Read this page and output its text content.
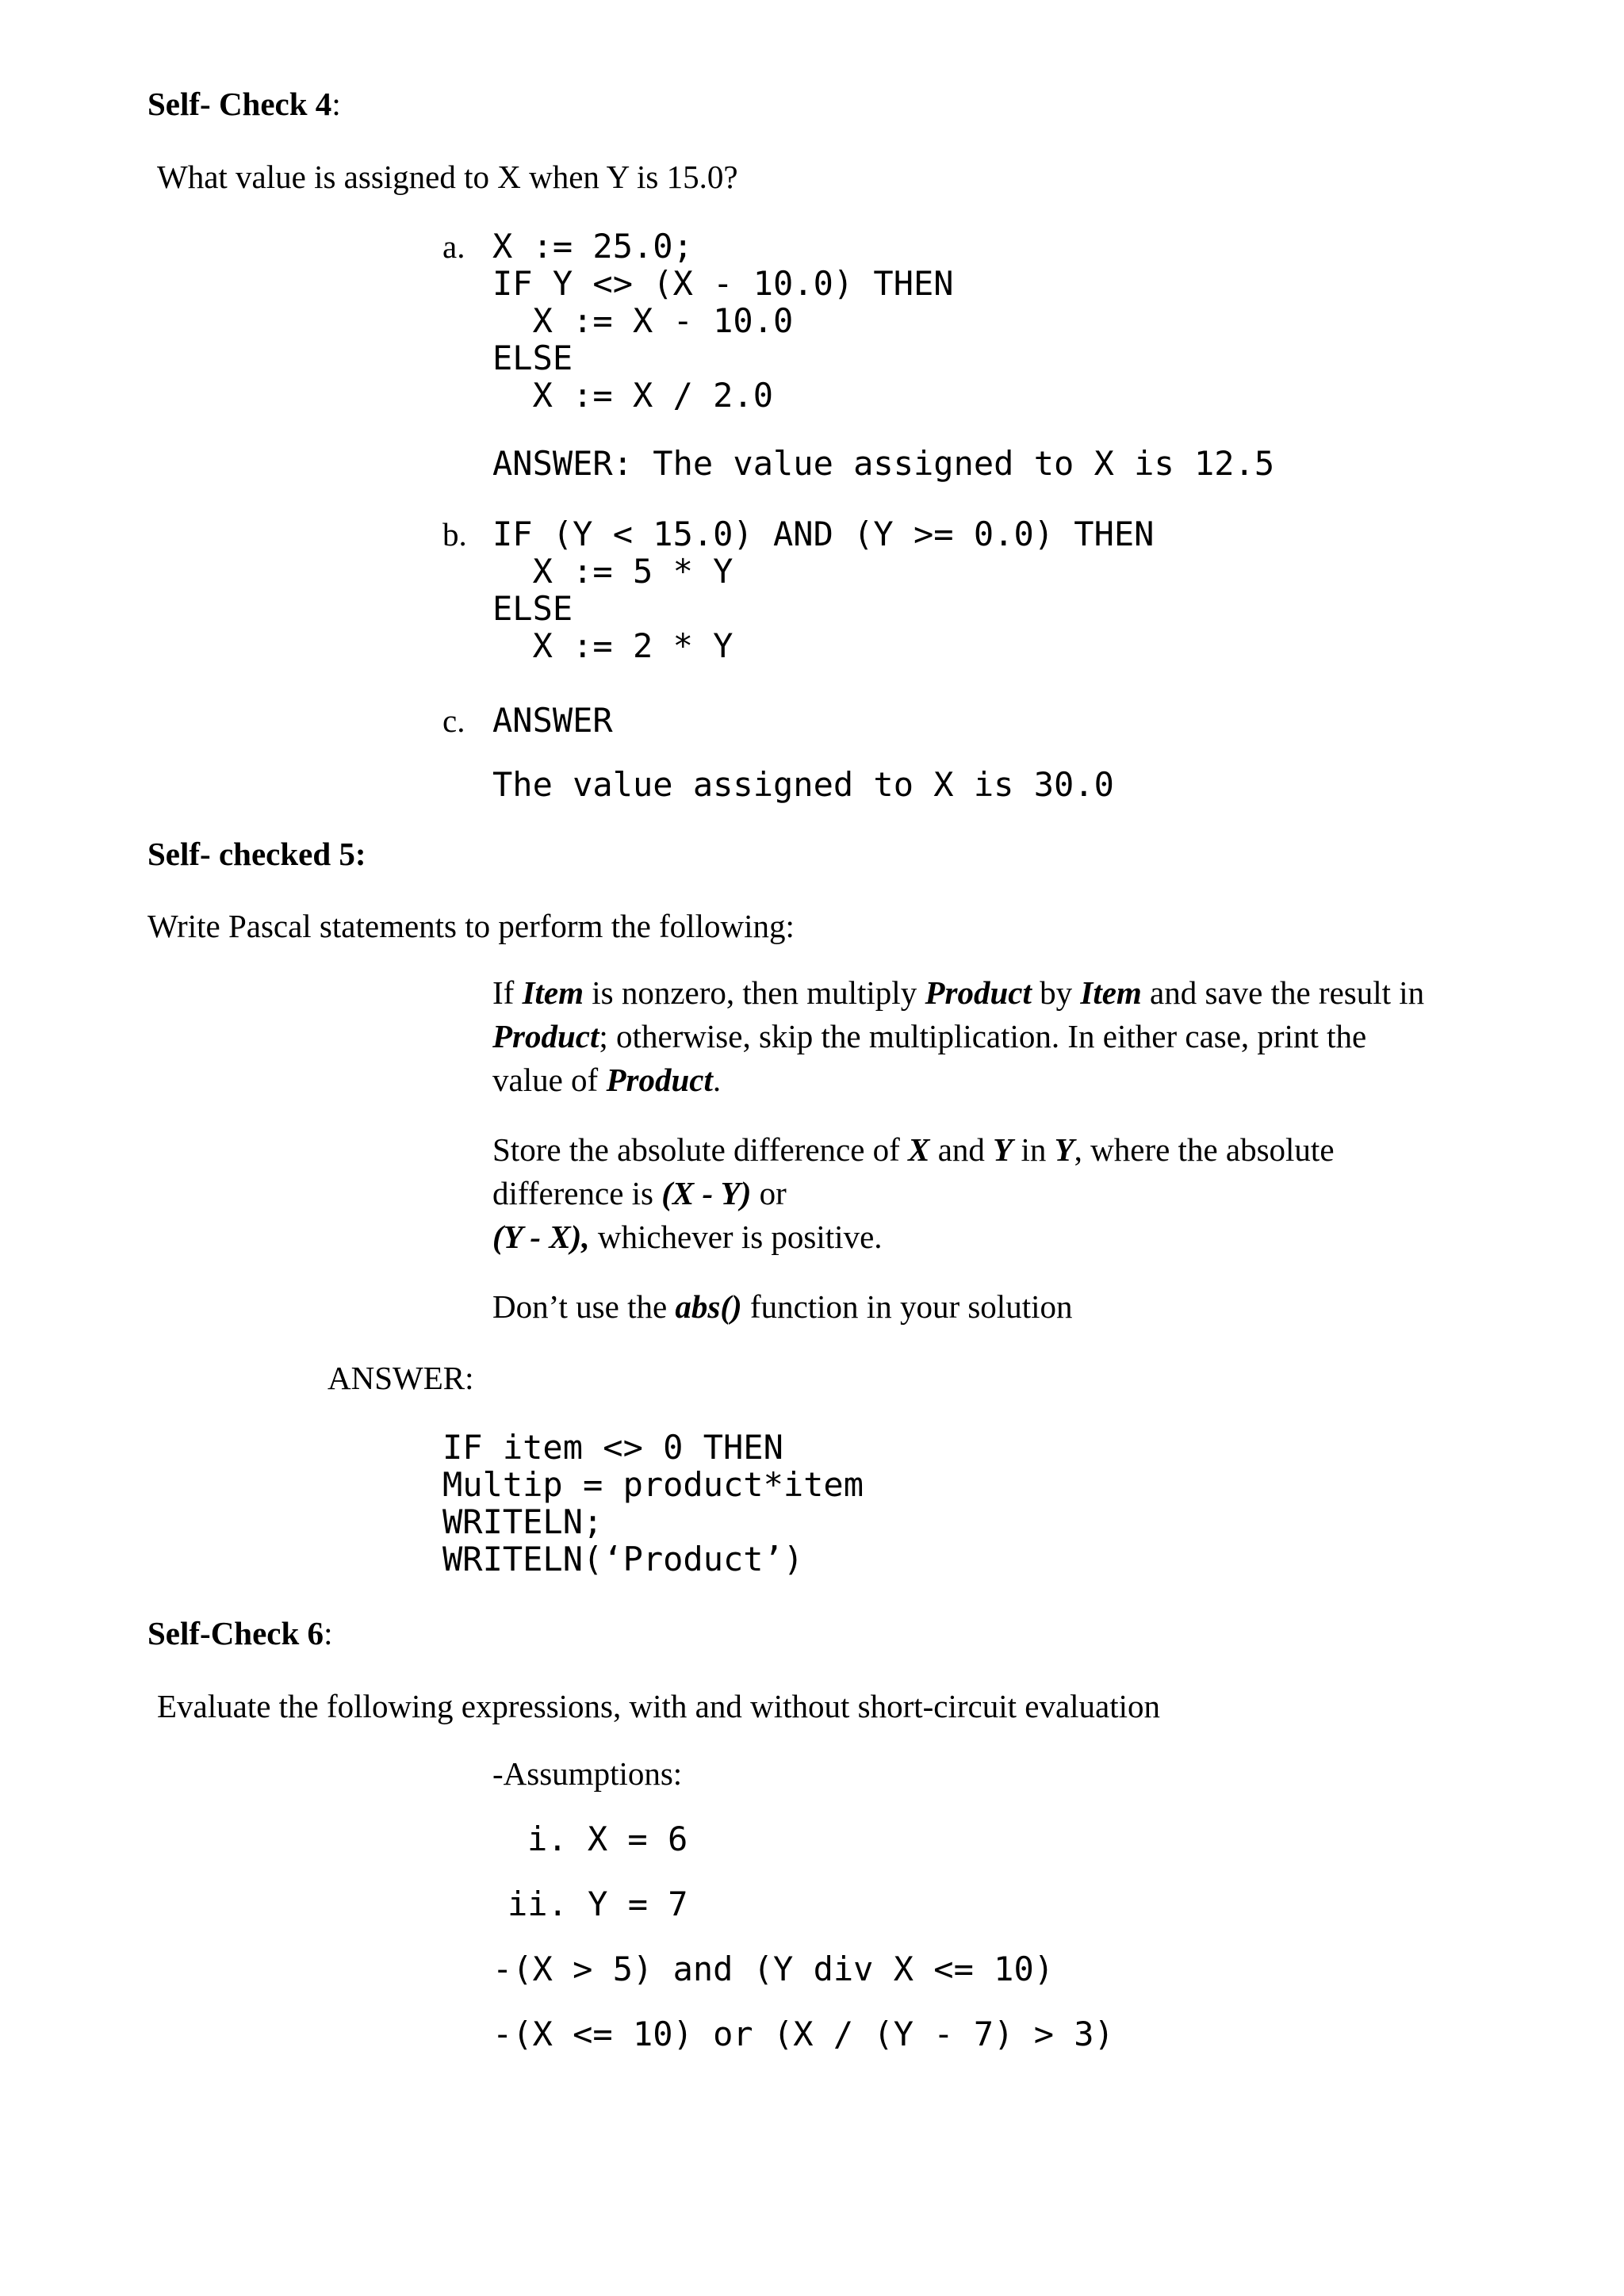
Self- Check 4:
What value is assigned to X when Y is 15.0?
a. X := 25.0;
IF Y <> (X - 10.0) THEN
X := X - 10.0
ELSE
X := X / 2.0
ANSWER: The value assigned to X is 12.5
b. IF (Y < 15.0) AND (Y >= 0.0) THEN
X := 5 * Y
ELSE
X := 2 * Y
c. ANSWER
The value assigned to X is 30.0
Self- checked 5:
Write Pascal statements to perform the following:
If Item is nonzero, then multiply Product by Item and save the result in Product; otherwise, skip the multiplication. In either case, print the value of Product.
Store the absolute difference of X and Y in Y, where the absolute difference is (X - Y) or
(Y - X), whichever is positive.
Don’t use the abs() function in your solution
ANSWER:
IF item <> 0 THEN
Multip = product*item
WRITELN;
WRITELN(‘Product’)
Self-Check 6:
Evaluate the following expressions, with and without short-circuit evaluation
-Assumptions:
i. X = 6
ii. Y = 7
-(X > 5) and (Y div X <= 10)
-(X <= 10) or (X / (Y - 7) > 3)
